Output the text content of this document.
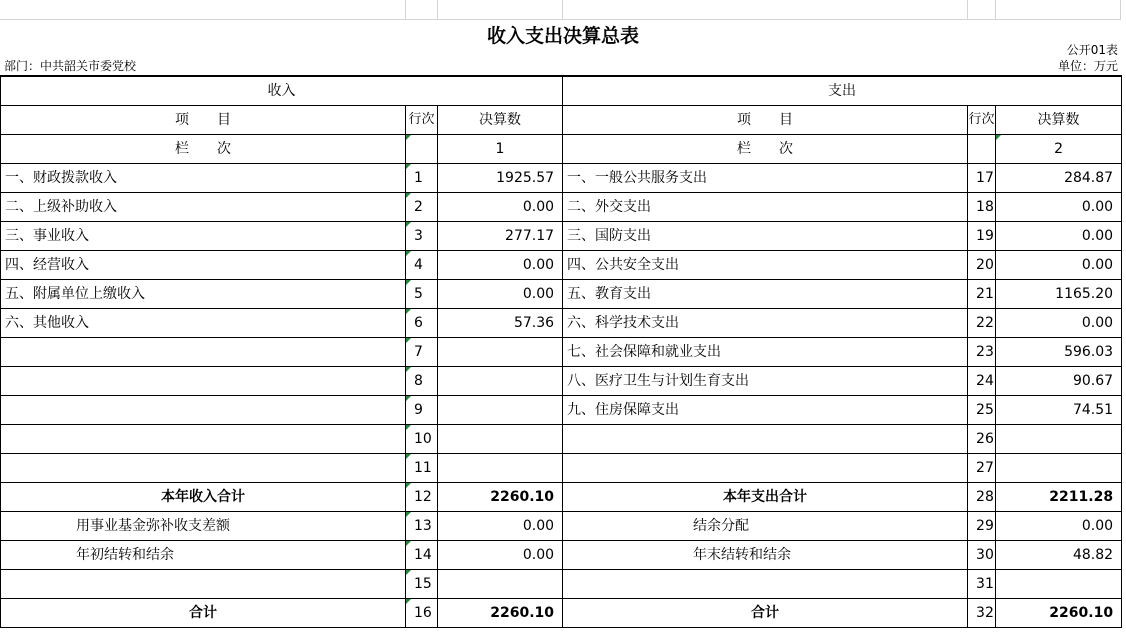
收入支出决算总表
公开01表
部门：中共韶关市委党校	单位：万元
收入			支出		
项　　目	行次	决算数	项　　目	行次	决算数
栏　　次		1	栏　　次		2
一、财政拨款收入	1	1925.57	一、一般公共服务支出	17	284.87
二、上级补助收入	2	0.00	二、外交支出	18	0.00
三、事业收入	3	277.17	三、国防支出	19	0.00
四、经营收入	4	0.00	四、公共安全支出	20	0.00
五、附属单位上缴收入	5	0.00	五、教育支出	21	1165.20
六、其他收入	6	57.36	六、科学技术支出	22	0.00
	7		七、社会保障和就业支出	23	596.03
	8		八、医疗卫生与计划生育支出	24	90.67
	9		九、住房保障支出	25	74.51
	10			26	
	11			27	
本年收入合计	12	2260.10	本年支出合计	28	2211.28
用事业基金弥补收支差额	13	0.00	结余分配	29	0.00
年初结转和结余	14	0.00	年末结转和结余	30	48.82
	15			31	
合计	16	2260.10	合计	32	2260.10
